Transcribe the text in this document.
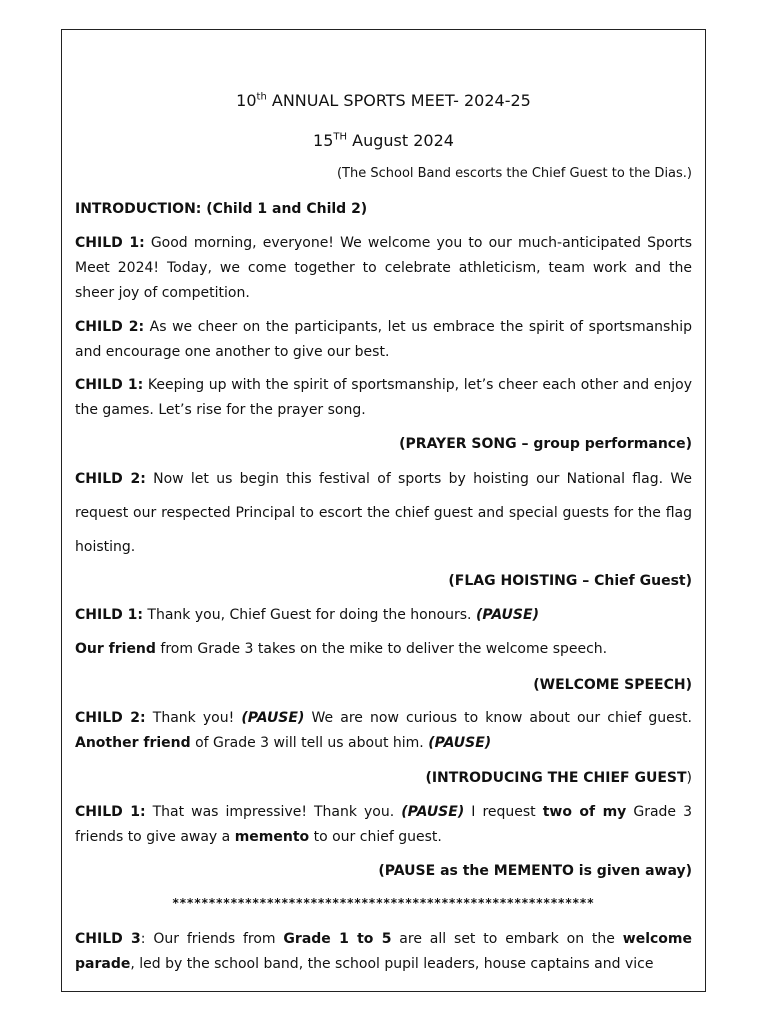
10th ANNUAL SPORTS MEET- 2024-25

15TH August 2024

(The School Band escorts the Chief Guest to the Dias.)

INTRODUCTION: (Child 1 and Child 2)

CHILD 1: Good morning, everyone! We welcome you to our much-anticipated Sports Meet 2024! Today, we come together to celebrate athleticism, team work and the sheer joy of competition.

CHILD 2: As we cheer on the participants, let us embrace the spirit of sportsmanship and encourage one another to give our best.

CHILD 1: Keeping up with the spirit of sportsmanship, let’s cheer each other and enjoy the games. Let’s rise for the prayer song.

(PRAYER SONG – group performance)

CHILD 2: Now let us begin this festival of sports by hoisting our National flag. We request our respected Principal to escort the chief guest and special guests for the flag hoisting.

(FLAG HOISTING – Chief Guest)

CHILD 1: Thank you, Chief Guest for doing the honours. (PAUSE)

Our friend from Grade 3 takes on the mike to deliver the welcome speech.

(WELCOME SPEECH)

CHILD 2: Thank you! (PAUSE) We are now curious to know about our chief guest. Another friend of Grade 3 will tell us about him. (PAUSE)

(INTRODUCING THE CHIEF GUEST)

CHILD 1: That was impressive! Thank you. (PAUSE) I request two of my Grade 3 friends to give away a memento to our chief guest.

(PAUSE as the MEMENTO is given away)

**********************************************************

CHILD 3: Our friends from Grade 1 to 5 are all set to embark on the welcome parade, led by the school band, the school pupil leaders, house captains and vice
